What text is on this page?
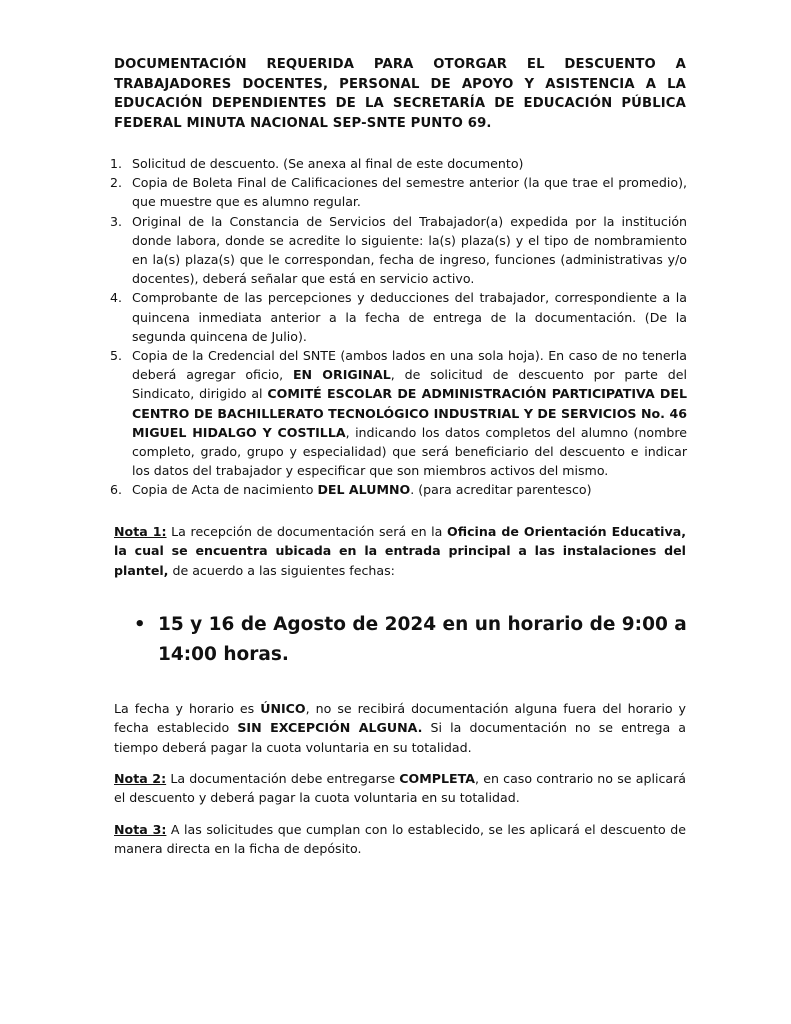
DOCUMENTACIÓN REQUERIDA PARA OTORGAR EL DESCUENTO A TRABAJADORES DOCENTES, PERSONAL DE APOYO Y ASISTENCIA A LA EDUCACIÓN DEPENDIENTES DE LA SECRETARÍA DE EDUCACIÓN PÚBLICA FEDERAL MINUTA NACIONAL SEP-SNTE PUNTO 69.
1. Solicitud de descuento. (Se anexa al final de este documento)
2. Copia de Boleta Final de Calificaciones del semestre anterior (la que trae el promedio), que muestre que es alumno regular.
3. Original de la Constancia de Servicios del Trabajador(a) expedida por la institución donde labora, donde se acredite lo siguiente: la(s) plaza(s) y el tipo de nombramiento en la(s) plaza(s) que le correspondan, fecha de ingreso, funciones (administrativas y/o docentes), deberá señalar que está en servicio activo.
4. Comprobante de las percepciones y deducciones del trabajador, correspondiente a la quincena inmediata anterior a la fecha de entrega de la documentación. (De la segunda quincena de Julio).
5. Copia de la Credencial del SNTE (ambos lados en una sola hoja). En caso de no tenerla deberá agregar oficio, EN ORIGINAL, de solicitud de descuento por parte del Sindicato, dirigido al COMITÉ ESCOLAR DE ADMINISTRACIÓN PARTICIPATIVA DEL CENTRO DE BACHILLERATO TECNOLÓGICO INDUSTRIAL Y DE SERVICIOS No. 46 MIGUEL HIDALGO Y COSTILLA, indicando los datos completos del alumno (nombre completo, grado, grupo y especialidad) que será beneficiario del descuento e indicar los datos del trabajador y especificar que son miembros activos del mismo.
6. Copia de Acta de nacimiento DEL ALUMNO. (para acreditar parentesco)
Nota 1: La recepción de documentación será en la Oficina de Orientación Educativa, la cual se encuentra ubicada en la entrada principal a las instalaciones del plantel, de acuerdo a las siguientes fechas:
• 15 y 16 de Agosto de 2024 en un horario de 9:00 a 14:00 horas.
La fecha y horario es ÚNICO, no se recibirá documentación alguna fuera del horario y fecha establecido SIN EXCEPCIÓN ALGUNA. Si la documentación no se entrega a tiempo deberá pagar la cuota voluntaria en su totalidad.
Nota 2: La documentación debe entregarse COMPLETA, en caso contrario no se aplicará el descuento y deberá pagar la cuota voluntaria en su totalidad.
Nota 3: A las solicitudes que cumplan con lo establecido, se les aplicará el descuento de manera directa en la ficha de depósito.
